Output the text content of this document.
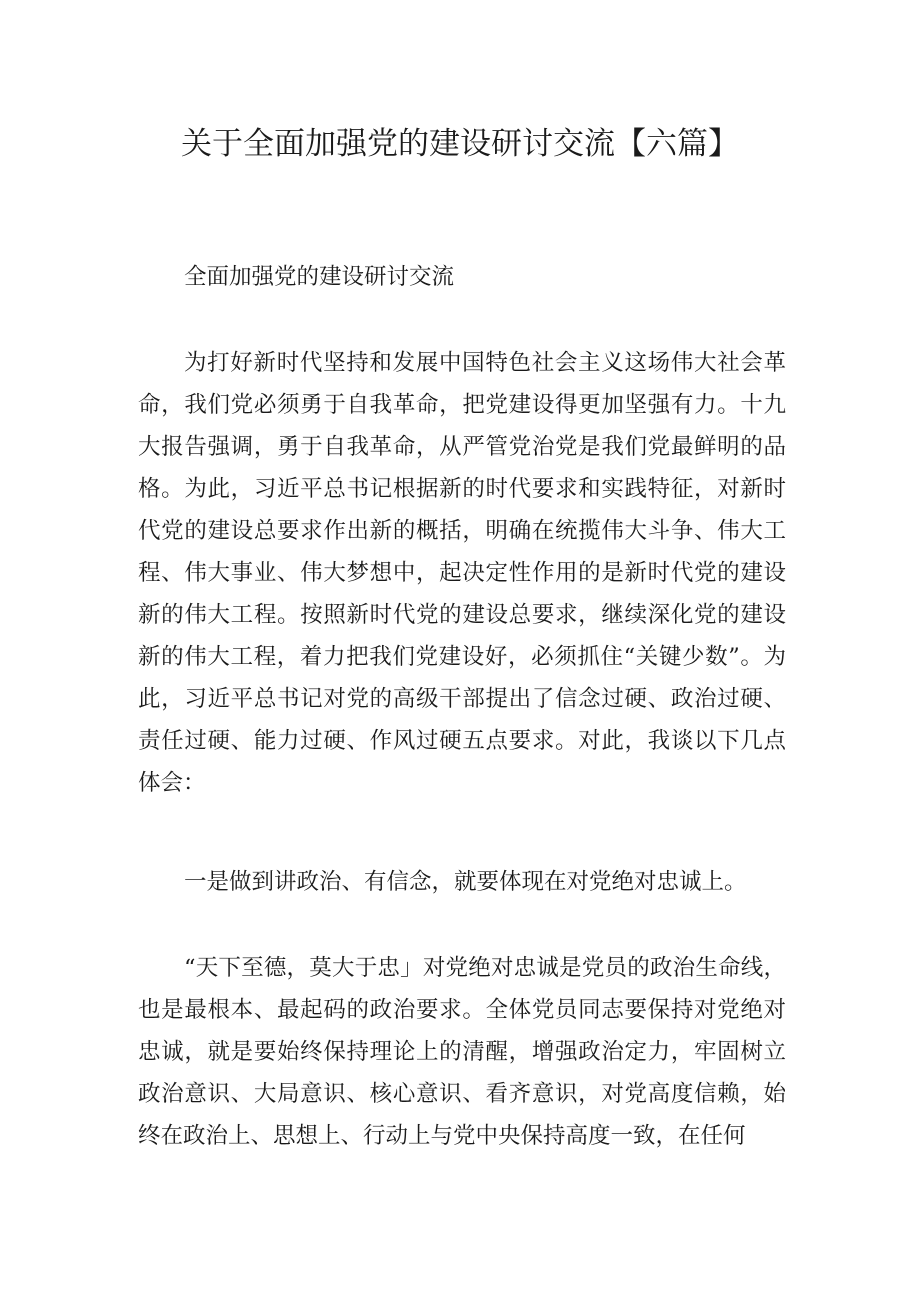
关于全面加强党的建设研讨交流【六篇】

全面加强党的建设研讨交流

为打好新时代坚持和发展中国特色社会主义这场伟大社会革命，我们党必须勇于自我革命，把党建设得更加坚强有力。十九大报告强调，勇于自我革命，从严管党治党是我们党最鲜明的品格。为此，习近平总书记根据新的时代要求和实践特征，对新时代党的建设总要求作出新的概括，明确在统揽伟大斗争、伟大工程、伟大事业、伟大梦想中，起决定性作用的是新时代党的建设新的伟大工程。按照新时代党的建设总要求，继续深化党的建设新的伟大工程，着力把我们党建设好，必须抓住“关键少数”。为此，习近平总书记对党的高级干部提出了信念过硬、政治过硬、责任过硬、能力过硬、作风过硬五点要求。对此，我谈以下几点体会：

一是做到讲政治、有信念，就要体现在对党绝对忠诚上。

“天下至德，莫大于忠」对党绝对忠诚是党员的政治生命线，也是最根本、最起码的政治要求。全体党员同志要保持对党绝对忠诚，就是要始终保持理论上的清醒，增强政治定力，牢固树立政治意识、大局意识、核心意识、看齐意识，对党高度信赖，始终在政治上、思想上、行动上与党中央保持高度一致，在任何
